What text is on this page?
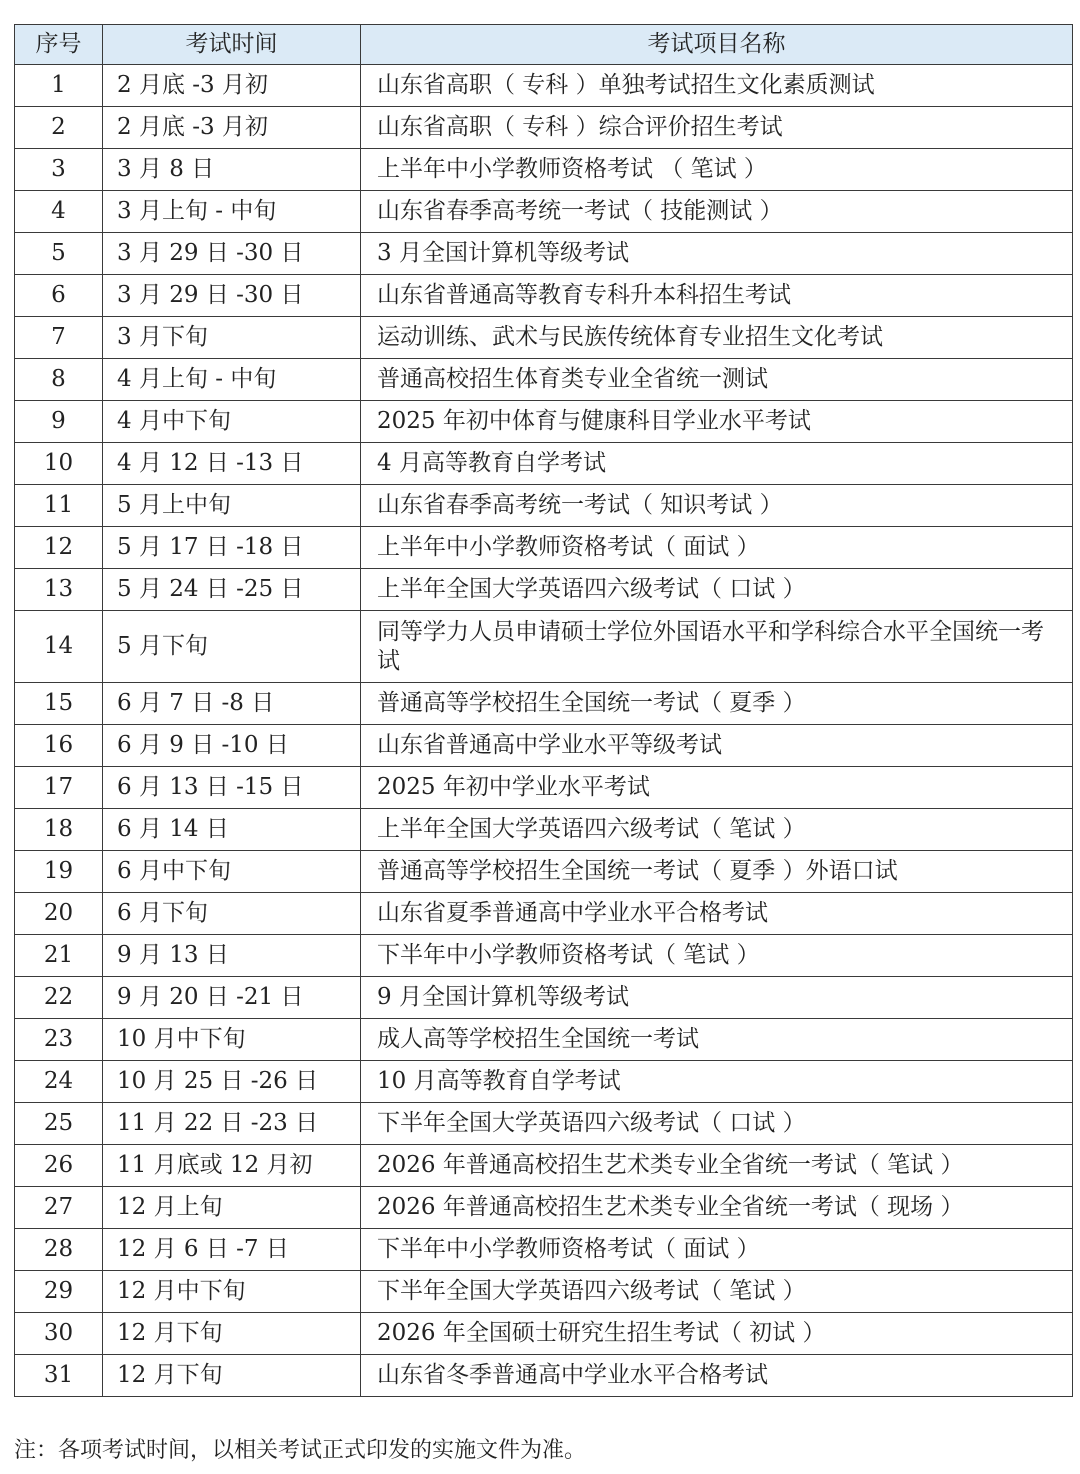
序号	考试时间	考试项目名称
1	2 月底 -3 月初	山东省高职（ 专科 ）单独考试招生文化素质测试
2	2 月底 -3 月初	山东省高职（ 专科 ）综合评价招生考试
3	3 月 8 日	上半年中小学教师资格考试 （ 笔试 ）
4	3 月上旬 - 中旬	山东省春季高考统一考试（ 技能测试 ）
5	3 月 29 日 -30 日	3 月全国计算机等级考试
6	3 月 29 日 -30 日	山东省普通高等教育专科升本科招生考试
7	3 月下旬	运动训练、武术与民族传统体育专业招生文化考试
8	4 月上旬 - 中旬	普通高校招生体育类专业全省统一测试
9	4 月中下旬	2025 年初中体育与健康科目学业水平考试
10	4 月 12 日 -13 日	4 月高等教育自学考试
11	5 月上中旬	山东省春季高考统一考试（ 知识考试 ）
12	5 月 17 日 -18 日	上半年中小学教师资格考试（ 面试 ）
13	5 月 24 日 -25 日	上半年全国大学英语四六级考试（ 口试 ）
14	5 月下旬	同等学力人员申请硕士学位外国语水平和学科综合水平全国统一考试
15	6 月 7 日 -8 日	普通高等学校招生全国统一考试（ 夏季 ）
16	6 月 9 日 -10 日	山东省普通高中学业水平等级考试
17	6 月 13 日 -15 日	2025 年初中学业水平考试
18	6 月 14 日	上半年全国大学英语四六级考试（ 笔试 ）
19	6 月中下旬	普通高等学校招生全国统一考试（ 夏季 ）外语口试
20	6 月下旬	山东省夏季普通高中学业水平合格考试
21	9 月 13 日	下半年中小学教师资格考试（ 笔试 ）
22	9 月 20 日 -21 日	9 月全国计算机等级考试
23	10 月中下旬	成人高等学校招生全国统一考试
24	10 月 25 日 -26 日	10 月高等教育自学考试
25	11 月 22 日 -23 日	下半年全国大学英语四六级考试（ 口试 ）
26	11 月底或 12 月初	2026 年普通高校招生艺术类专业全省统一考试（ 笔试 ）
27	12 月上旬	2026 年普通高校招生艺术类专业全省统一考试（ 现场 ）
28	12 月 6 日 -7 日	下半年中小学教师资格考试（ 面试 ）
29	12 月中下旬	下半年全国大学英语四六级考试（ 笔试 ）
30	12 月下旬	2026 年全国硕士研究生招生考试（ 初试 ）
31	12 月下旬	山东省冬季普通高中学业水平合格考试
注：各项考试时间，以相关考试正式印发的实施文件为准。
